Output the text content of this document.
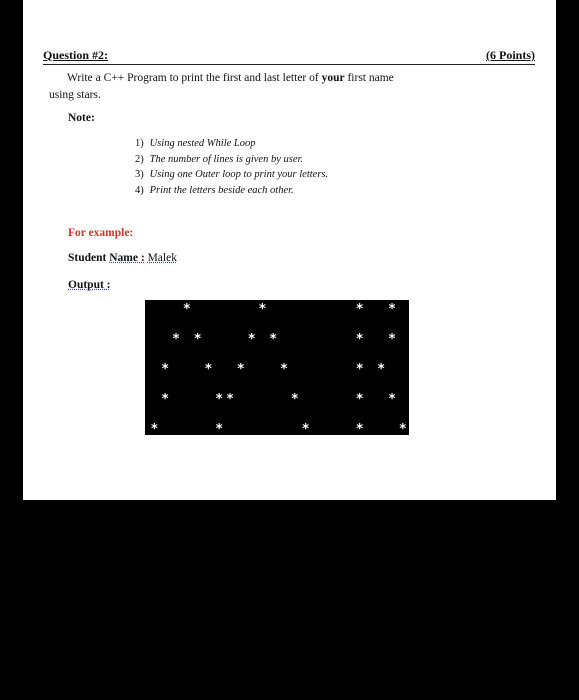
Question #2:	(6 Points)
Write a C++ Program to print the first and last letter of your first name
using stars.
Note:
1) Using nested While Loop
2) The number of lines is given by user.
3) Using one Outer loop to print your letters.
4) Print the letters beside each other.
For example:
Student Name : Malek
Output :
*	*	* *
* *	* *	* *
*	* *	*	* *
*	* *	*	* *
*	*	*	*	*
